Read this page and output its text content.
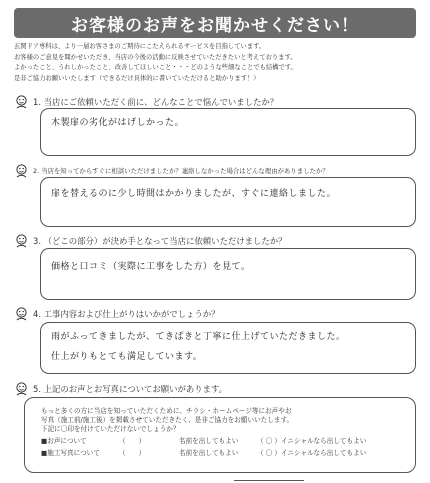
お客様のお声をお聞かせください！

玄関ドア専科は、より一層お客さまのご期待にこたえられるサービスを目指しています。

お客様のご意見を聞かせいただき、当店の今後の活動に反映させていただきたいと考えております。

よかったこと、うれしかったこと、改善してほしいこと・・・どのような些細なことでも結構です。

是非ご協力お願いいたします（できるだけ具体的に書いていただけると助かります！）

1. 当店にご依頼いただく前に、どんなことで悩んでいましたか？
木製扉の劣化がはげしかった。
2. 当店を知ってからすぐに相談いただけましたか？連絡しなかった場合はどんな理由がありましたか？
扉を替えるのに少し時間はかかりましたが、すぐに連絡しました。
3. （どこの部分）が決め手となって当店に依頼いただけましたか？
価格と口コミ（実際に工事をした方）を見て。
4. 工事内容および仕上がりはいかがでしょうか？
雨がふってきましたが、てきぱきと丁寧に仕上げていただきました。
仕上がりもとても満足しています。
5. 上記のお声とお写真についてお願いがあります。

もっと多くの方に当店を知っていただくために、チラシ・ホームページ等にお声やお

写真（施工前/施工後）を掲載させていただきたく、是非ご協力をお願いいたします。

下記に〇印を付けていただけないでしょうか？

■お声について	（　　）	名前を出してもよい	（ 〇 ）イニシャルなら出してもよい
■施工写真について	（　　）	名前を出してもよい	（ 〇 ）イニシャルなら出してもよい
